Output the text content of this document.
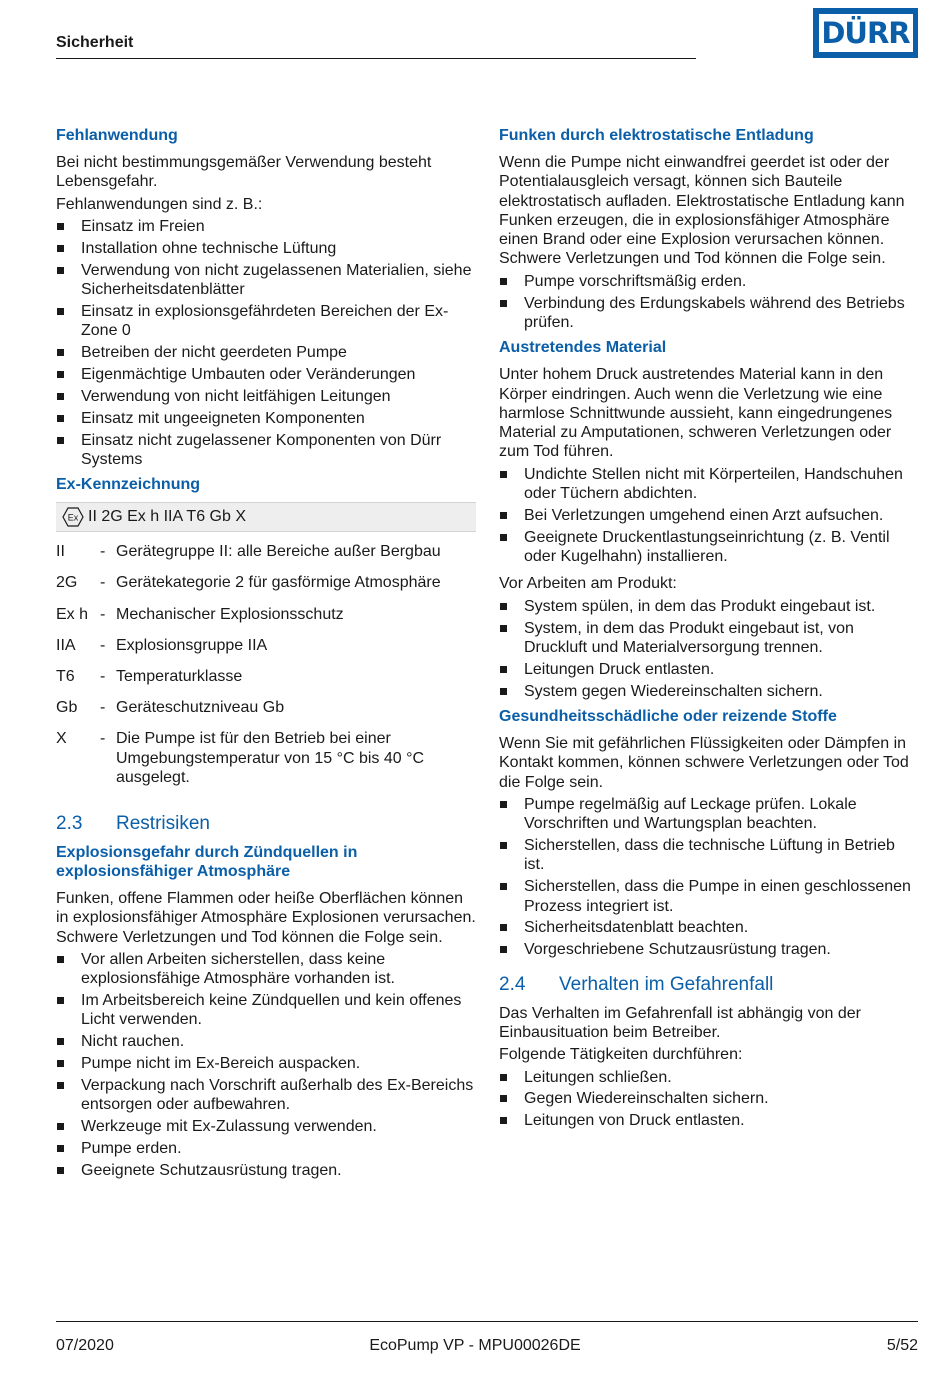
Sicherheit	DÜRR
Fehlanwendung

Bei nicht bestimmungsgemäßer Verwendung besteht Lebensgefahr.

Fehlanwendungen sind z. B.:

Einsatz im Freien
Installation ohne technische Lüftung
Verwendung von nicht zugelassenen Materialien, siehe Sicherheitsdatenblätter
Einsatz in explosionsgefährdeten Bereichen der Ex-Zone 0
Betreiben der nicht geerdeten Pumpe
Eigenmächtige Umbauten oder Veränderungen
Verwendung von nicht leitfähigen Leitungen
Einsatz mit ungeeigneten Komponenten
Einsatz nicht zugelassener Komponenten von Dürr Systems
Ex-Kennzeichnung
Ex II 2G Ex h IIA T6 Gb X
II	-	Gerätegruppe II: alle Bereiche außer Bergbau
2G	-	Gerätekategorie 2 für gasförmige Atmosphäre
Ex h	-	Mechanischer Explosionsschutz
IIA	-	Explosionsgruppe IIA
T6	-	Temperaturklasse
Gb	-	Geräteschutzniveau Gb
X	-	Die Pumpe ist für den Betrieb bei einer Umgebungstemperatur von 15 °C bis 40 °C ausgelegt.
2.3	Restrisiken
Explosionsgefahr durch Zündquellen in explosionsfähiger Atmosphäre

Funken, offene Flammen oder heiße Oberflächen können in explosionsfähiger Atmosphäre Explosionen verursachen. Schwere Verletzungen und Tod können die Folge sein.

Vor allen Arbeiten sicherstellen, dass keine explosionsfähige Atmosphäre vorhanden ist.
Im Arbeitsbereich keine Zündquellen und kein offenes Licht verwenden.
Nicht rauchen.
Pumpe nicht im Ex-Bereich auspacken.
Verpackung nach Vorschrift außerhalb des Ex-Bereichs entsorgen oder aufbewahren.
Werkzeuge mit Ex-Zulassung verwenden.
Pumpe erden.
Geeignete Schutzausrüstung tragen.
Funken durch elektrostatische Entladung

Wenn die Pumpe nicht einwandfrei geerdet ist oder der Potentialausgleich versagt, können sich Bauteile elektrostatisch aufladen. Elektrostatische Entladung kann Funken erzeugen, die in explosionsfähiger Atmosphäre einen Brand oder eine Explosion verursachen können. Schwere Verletzungen und Tod können die Folge sein.

Pumpe vorschriftsmäßig erden.
Verbindung des Erdungskabels während des Betriebs prüfen.
Austretendes Material

Unter hohem Druck austretendes Material kann in den Körper eindringen. Auch wenn die Verletzung wie eine harmlose Schnittwunde aussieht, kann eingedrungenes Material zu Amputationen, schweren Verletzungen oder zum Tod führen.

Undichte Stellen nicht mit Körperteilen, Handschuhen oder Tüchern abdichten.
Bei Verletzungen umgehend einen Arzt aufsuchen.
Geeignete Druckentlastungseinrichtung (z. B. Ventil oder Kugelhahn) installieren.

Vor Arbeiten am Produkt:

System spülen, in dem das Produkt eingebaut ist.
System, in dem das Produkt eingebaut ist, von Druckluft und Materialversorgung trennen.
Leitungen Druck entlasten.
System gegen Wiedereinschalten sichern.
Gesundheitsschädliche oder reizende Stoffe

Wenn Sie mit gefährlichen Flüssigkeiten oder Dämpfen in Kontakt kommen, können schwere Verletzungen oder Tod die Folge sein.

Pumpe regelmäßig auf Leckage prüfen. Lokale Vorschriften und Wartungsplan beachten.
Sicherstellen, dass die technische Lüftung in Betrieb ist.
Sicherstellen, dass die Pumpe in einen geschlossenen Prozess integriert ist.
Sicherheitsdatenblatt beachten.
Vorgeschriebene Schutzausrüstung tragen.
2.4	Verhalten im Gefahrenfall

Das Verhalten im Gefahrenfall ist abhängig von der Einbausituation beim Betreiber.

Folgende Tätigkeiten durchführen:

Leitungen schließen.
Gegen Wiedereinschalten sichern.
Leitungen von Druck entlasten.
07/2020	EcoPump VP - MPU00026DE	5/52
